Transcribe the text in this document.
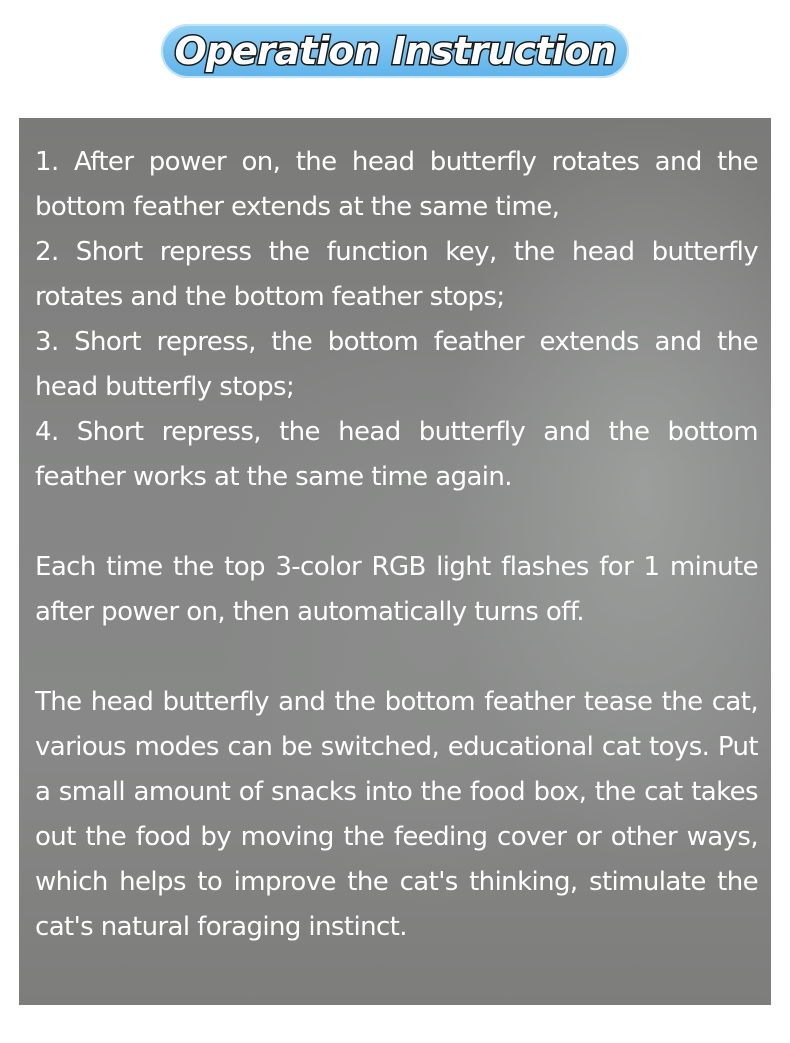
Operation Instruction

1. After power on, the head butterfly rotates and the bottom feather extends at the same time,

2. Short repress the function key, the head butterfly rotates and the bottom feather stops;

3. Short repress, the bottom feather extends and the head butterfly stops;

4. Short repress, the head butterfly and the bottom feather works at the same time again.

Each time the top 3-color RGB light flashes for 1 minute after power on, then automatically turns off.

The head butterfly and the bottom feather tease the cat, various modes can be switched, educational cat toys. Put a small amount of snacks into the food box, the cat takes out the food by moving the feeding cover or other ways, which helps to improve the cat's thinking, stimulate the cat's natural foraging instinct.
